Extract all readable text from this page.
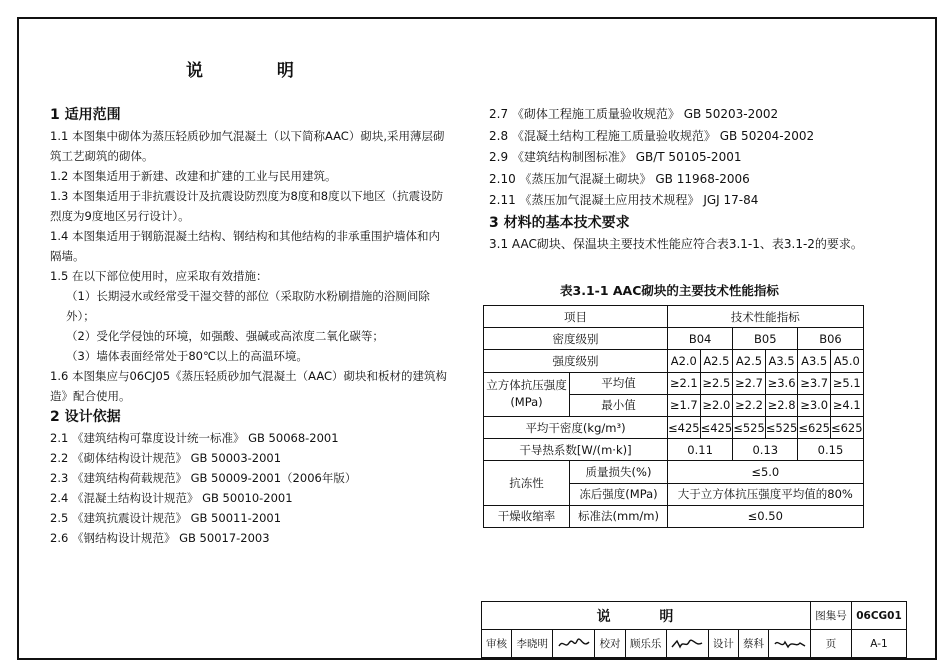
说 明

1 适用范围

1.1 本图集中砌体为蒸压轻质砂加气混凝土（以下简称AAC）砌块,采用薄层砌筑工艺砌筑的砌体。

1.2 本图集适用于新建、改建和扩建的工业与民用建筑。

1.3 本图集适用于非抗震设计及抗震设防烈度为8度和8度以下地区（抗震设防烈度为9度地区另行设计）。

1.4 本图集适用于钢筋混凝土结构、钢结构和其他结构的非承重围护墙体和内隔墙。

1.5 在以下部位使用时，应采取有效措施：

（1）长期浸水或经常受干湿交替的部位（采取防水粉刷措施的浴厕间除外）；

（2）受化学侵蚀的环境，如强酸、强碱或高浓度二氧化碳等；

（3）墙体表面经常处于80℃以上的高温环境。

1.6 本图集应与06CJ05《蒸压轻质砂加气混凝土（AAC）砌块和板材的建筑构造》配合使用。

2 设计依据

2.1 《建筑结构可靠度设计统一标准》 GB 50068-2001

2.2 《砌体结构设计规范》 GB 50003-2001

2.3 《建筑结构荷载规范》 GB 50009-2001（2006年版）

2.4 《混凝土结构设计规范》 GB 50010-2001

2.5 《建筑抗震设计规范》 GB 50011-2001

2.6 《钢结构设计规范》 GB 50017-2003

2.7 《砌体工程施工质量验收规范》 GB 50203-2002

2.8 《混凝土结构工程施工质量验收规范》 GB 50204-2002

2.9 《建筑结构制图标准》 GB/T 50105-2001

2.10 《蒸压加气混凝土砌块》 GB 11968-2006

2.11 《蒸压加气混凝土应用技术规程》 JGJ 17-84

3 材料的基本技术要求

3.1 AAC砌块、保温块主要技术性能应符合表3.1-1、表3.1-2的要求。

表3.1-1 AAC砌块的主要技术性能指标
项目		技术性能指标					
密度级别		B04		B05		B06	
强度级别		A2.0	A2.5	A2.5	A3.5	A3.5	A5.0
立方体抗压强度
(MPa)	平均值	≥2.1	≥2.5	≥2.7	≥3.6	≥3.7	≥5.1
	最小值	≥1.7	≥2.0	≥2.2	≥2.8	≥3.0	≥4.1
平均干密度(kg/m³)		≤425	≤425	≤525	≤525	≤625	≤625
干导热系数[W/(m·k)]		0.11		0.13		0.15	
抗冻性	质量损失(%)	≤5.0					
	冻后强度(MPa)	大于立方体抗压强度平均值的80%					
干燥收缩率	标准法(mm/m)	≤0.50					
说 明									图集号	06CG01
审核	李晓明		校对	顾乐乐		设计	蔡科		页	A-1
